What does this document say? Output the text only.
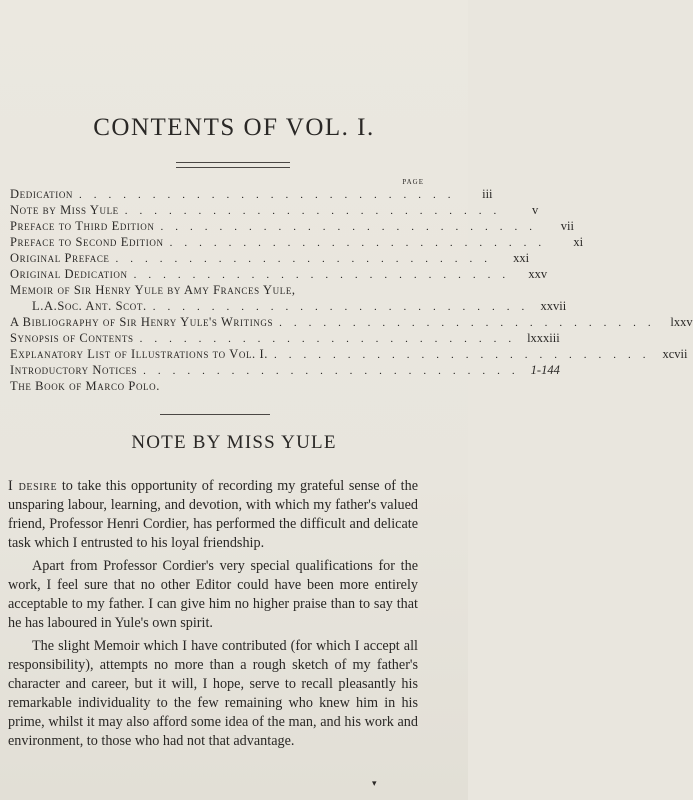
CONTENTS OF VOL. I.
PAGE
Dedication ..........................	iii
Note by Miss Yule ..........................	v
Preface to Third Edition ..........................	vii
Preface to Second Edition ..........................	xi
Original Preface ..........................	xxi
Original Dedication .......................... xxv
Memoir of Sir Henry Yule by Amy Frances Yule,
L.A.Soc. Ant. Scot. .......................... xxvii
A Bibliography of Sir Henry Yule's Writings .......................... lxxv
Synopsis of Contents .......................... lxxxiii
Explanatory List of Illustrations to Vol. I. .......................... xcvii
Introductory Notices .......................... 1-144
The Book of Marco Polo.
NOTE BY MISS YULE

I desire to take this opportunity of recording my grateful sense of the unsparing labour, learning, and devotion, with which my father's valued friend, Professor Henri Cordier, has performed the difficult and delicate task which I entrusted to his loyal friendship.

Apart from Professor Cordier's very special qualifications for the work, I feel sure that no other Editor could have been more entirely acceptable to my father. I can give him no higher praise than to say that he has laboured in Yule's own spirit.

The slight Memoir which I have contributed (for which I accept all responsibility), attempts no more than a rough sketch of my father's character and career, but it will, I hope, serve to recall pleasantly his remarkable individuality to the few remaining who knew him in his prime, whilst it may also afford some idea of the man, and his work and environment, to those who had not that advantage.

▾
